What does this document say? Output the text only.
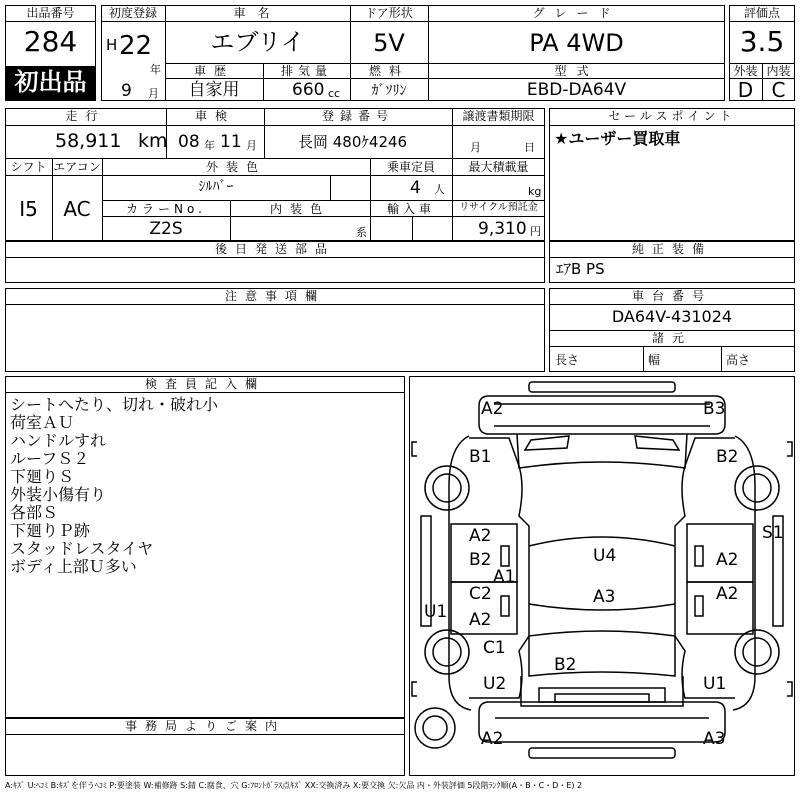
出品番号
284
初出品
初度登録
H 22
年
9 月
車名
エブリイ
ドア形状
5V
グレード
PA 4WD
車歴
自家用
排気量
660 cc
燃料
ｶﾞｿﾘﾝ
型式
EBD-DA64V
評価点
3.5
外装 内装
D C
走行
58,911 km
車検
08 年 11 月
登録番号
長岡 480ｹ4246
譲渡書類期限
月	日
シフト
I5
エアコン
AC
外装色
ｼﾙﾊﾞｰ
乗車定員
4 人
最大積載量
kg
カラーNo.
Z2S
内装色
系
輸入車	リサイクル預託金
9,310 円
セールスポイント
★ユーザー買取車
後日発送部品	純正装備
ｴｱB PS
注意事項欄	車台番号
DA64V-431024
諸元
長さ	幅	高さ
検査員記入欄
シートへたり、切れ・破れ小
荷室ＡＵ
ハンドルすれ
ルーフＳ２
下廻りＳ
外装小傷有り
各部Ｓ
下廻りＰ跡
スタッドレスタイヤ
ボディ上部Ｕ多い
事務局よりご案内
A2	B3
B1	B2
S1
A2
B2
A1
C2
A2
U4	A2
A2
A3
U1
C1
B2
U2	U1
A2	A3
A:ｷｽﾞ U:ﾍｺﾐ B:ｷｽﾞを伴うﾍｺﾐ P:要塗装 W:補修跡 S:錆 C:腐食、穴 G:ﾌﾛﾝﾄｶﾞﾗｽ点ｷｽﾞ XX:交換済み X:要交換 欠:欠品 内・外装評価 5段階ﾗﾝｸ順(A・B・C・D・E) 2
